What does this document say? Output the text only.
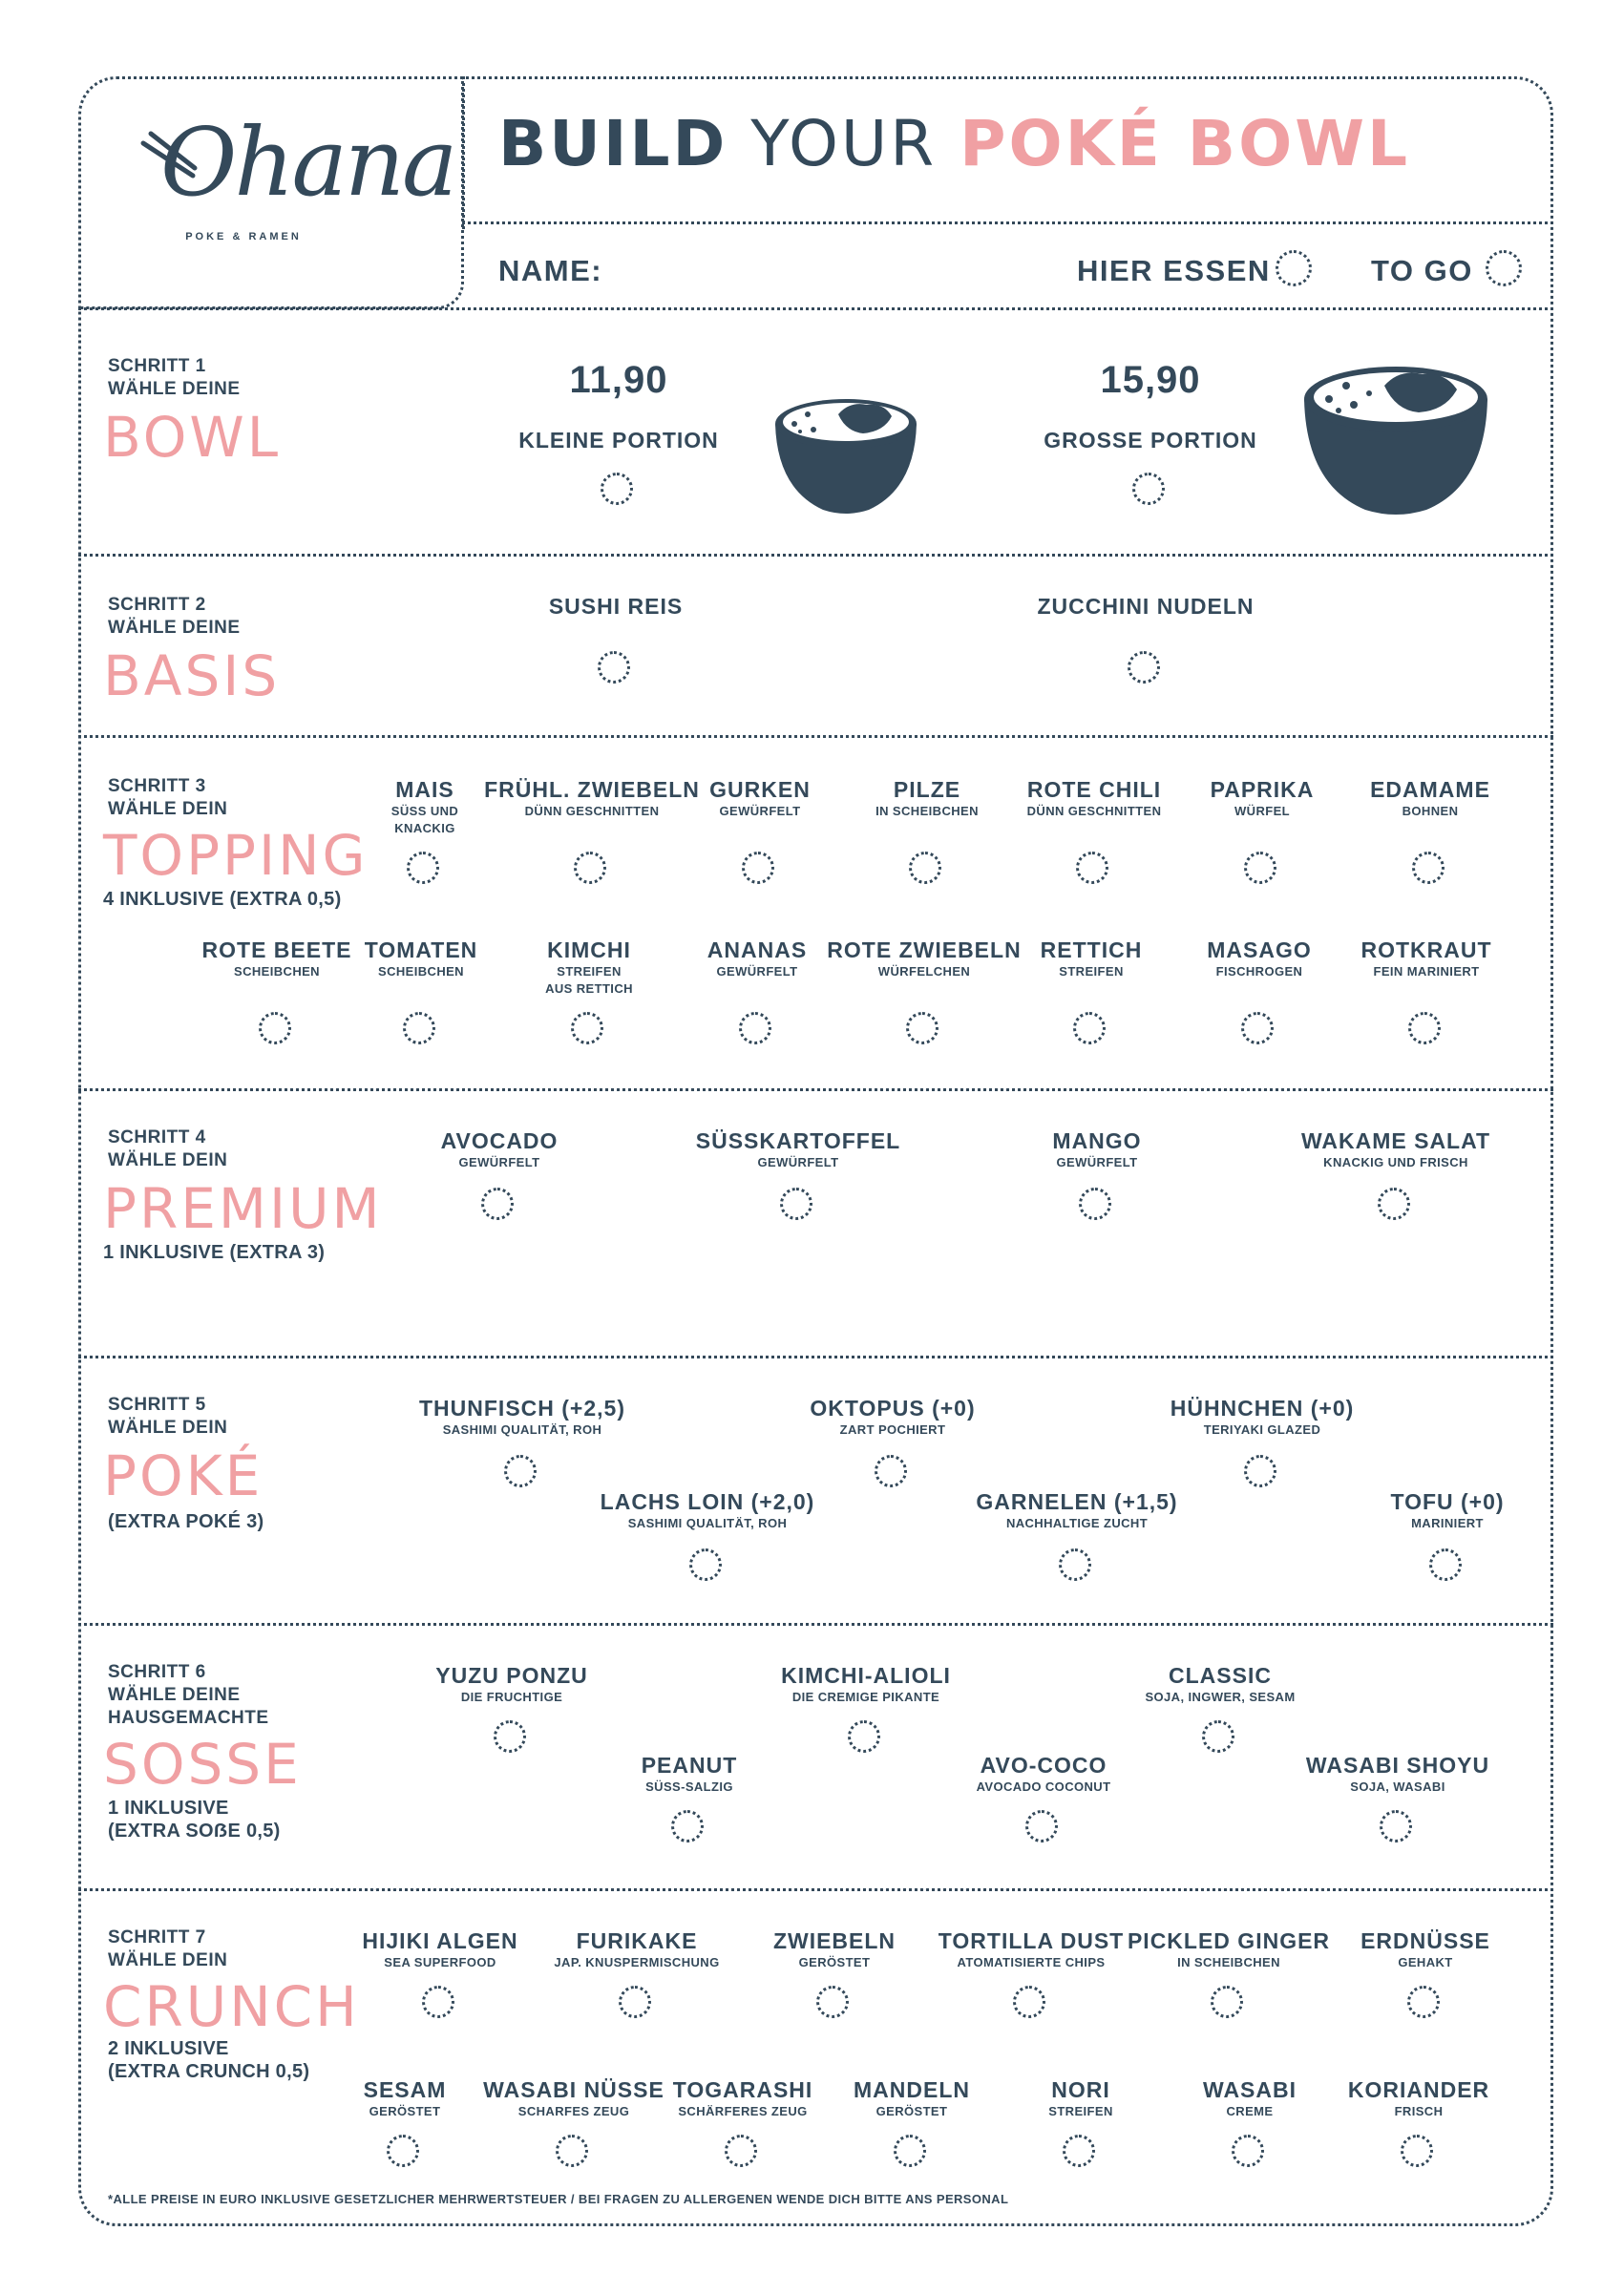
Ohana
POKE & RAMEN
BUILD YOUR POKÉ BOWL
NAME:	HIER ESSEN	TO GO
SCHRITT 1
WÄHLE DEINE
BOWL
11,90
KLEINE PORTION
15,90
GROSSE PORTION
SCHRITT 2
WÄHLE DEINE
BASIS
SUSHI REIS	ZUCCHINI NUDELN
SCHRITT 3
WÄHLE DEIN
TOPPING
4 INKLUSIVE (EXTRA 0,5)
MAIS
SÜSS UND
KNACKIG
FRÜHL. ZWIEBELN
DÜNN GESCHNITTEN
GURKEN
GEWÜRFELT
PILZE
IN SCHEIBCHEN
ROTE CHILI
DÜNN GESCHNITTEN
PAPRIKA
WÜRFEL
EDAMAME
BOHNEN
ROTE BEETE
SCHEIBCHEN
TOMATEN
SCHEIBCHEN
KIMCHI
STREIFEN
AUS RETTICH
ANANAS
GEWÜRFELT
ROTE ZWIEBELN
WÜRFELCHEN
RETTICH
STREIFEN
MASAGO
FISCHROGEN
ROTKRAUT
FEIN MARINIERT
SCHRITT 4
WÄHLE DEIN
PREMIUM
1 INKLUSIVE (EXTRA 3)
AVOCADO
GEWÜRFELT
SÜSSKARTOFFEL
GEWÜRFELT
MANGO
GEWÜRFELT
WAKAME SALAT
KNACKIG UND FRISCH
SCHRITT 5
WÄHLE DEIN
POKÉ
(EXTRA POKÉ 3)
THUNFISCH (+2,5)
SASHIMI QUALITÄT, ROH
OKTOPUS (+0)
ZART POCHIERT
HÜHNCHEN (+0)
TERIYAKI GLAZED
LACHS LOIN (+2,0)
SASHIMI QUALITÄT, ROH
GARNELEN (+1,5)
NACHHALTIGE ZUCHT
TOFU (+0)
MARINIERT
SCHRITT 6
WÄHLE DEINE
HAUSGEMACHTE
SOSSE
1 INKLUSIVE
(EXTRA SOẞE 0,5)
YUZU PONZU
DIE FRUCHTIGE
KIMCHI-ALIOLI
DIE CREMIGE PIKANTE
CLASSIC
SOJA, INGWER, SESAM
PEANUT
SÜSS-SALZIG
AVO-COCO
AVOCADO COCONUT
WASABI SHOYU
SOJA, WASABI
SCHRITT 7
WÄHLE DEIN
CRUNCH
2 INKLUSIVE
(EXTRA CRUNCH 0,5)
HIJIKI ALGEN
SEA SUPERFOOD
FURIKAKE
JAP. KNUSPERMISCHUNG
ZWIEBELN
GERÖSTET
TORTILLA DUST
ATOMATISIERTE CHIPS
PICKLED GINGER
IN SCHEIBCHEN
ERDNÜSSE
GEHAKT
SESAM
GERÖSTET
WASABI NÜSSE
SCHARFES ZEUG
TOGARASHI
SCHÄRFERES ZEUG
MANDELN
GERÖSTET
NORI
STREIFEN
WASABI
CREME
KORIANDER
FRISCH
*ALLE PREISE IN EURO INKLUSIVE GESETZLICHER MEHRWERTSTEUER / BEI FRAGEN ZU ALLERGENEN WENDE DICH BITTE ANS PERSONAL
